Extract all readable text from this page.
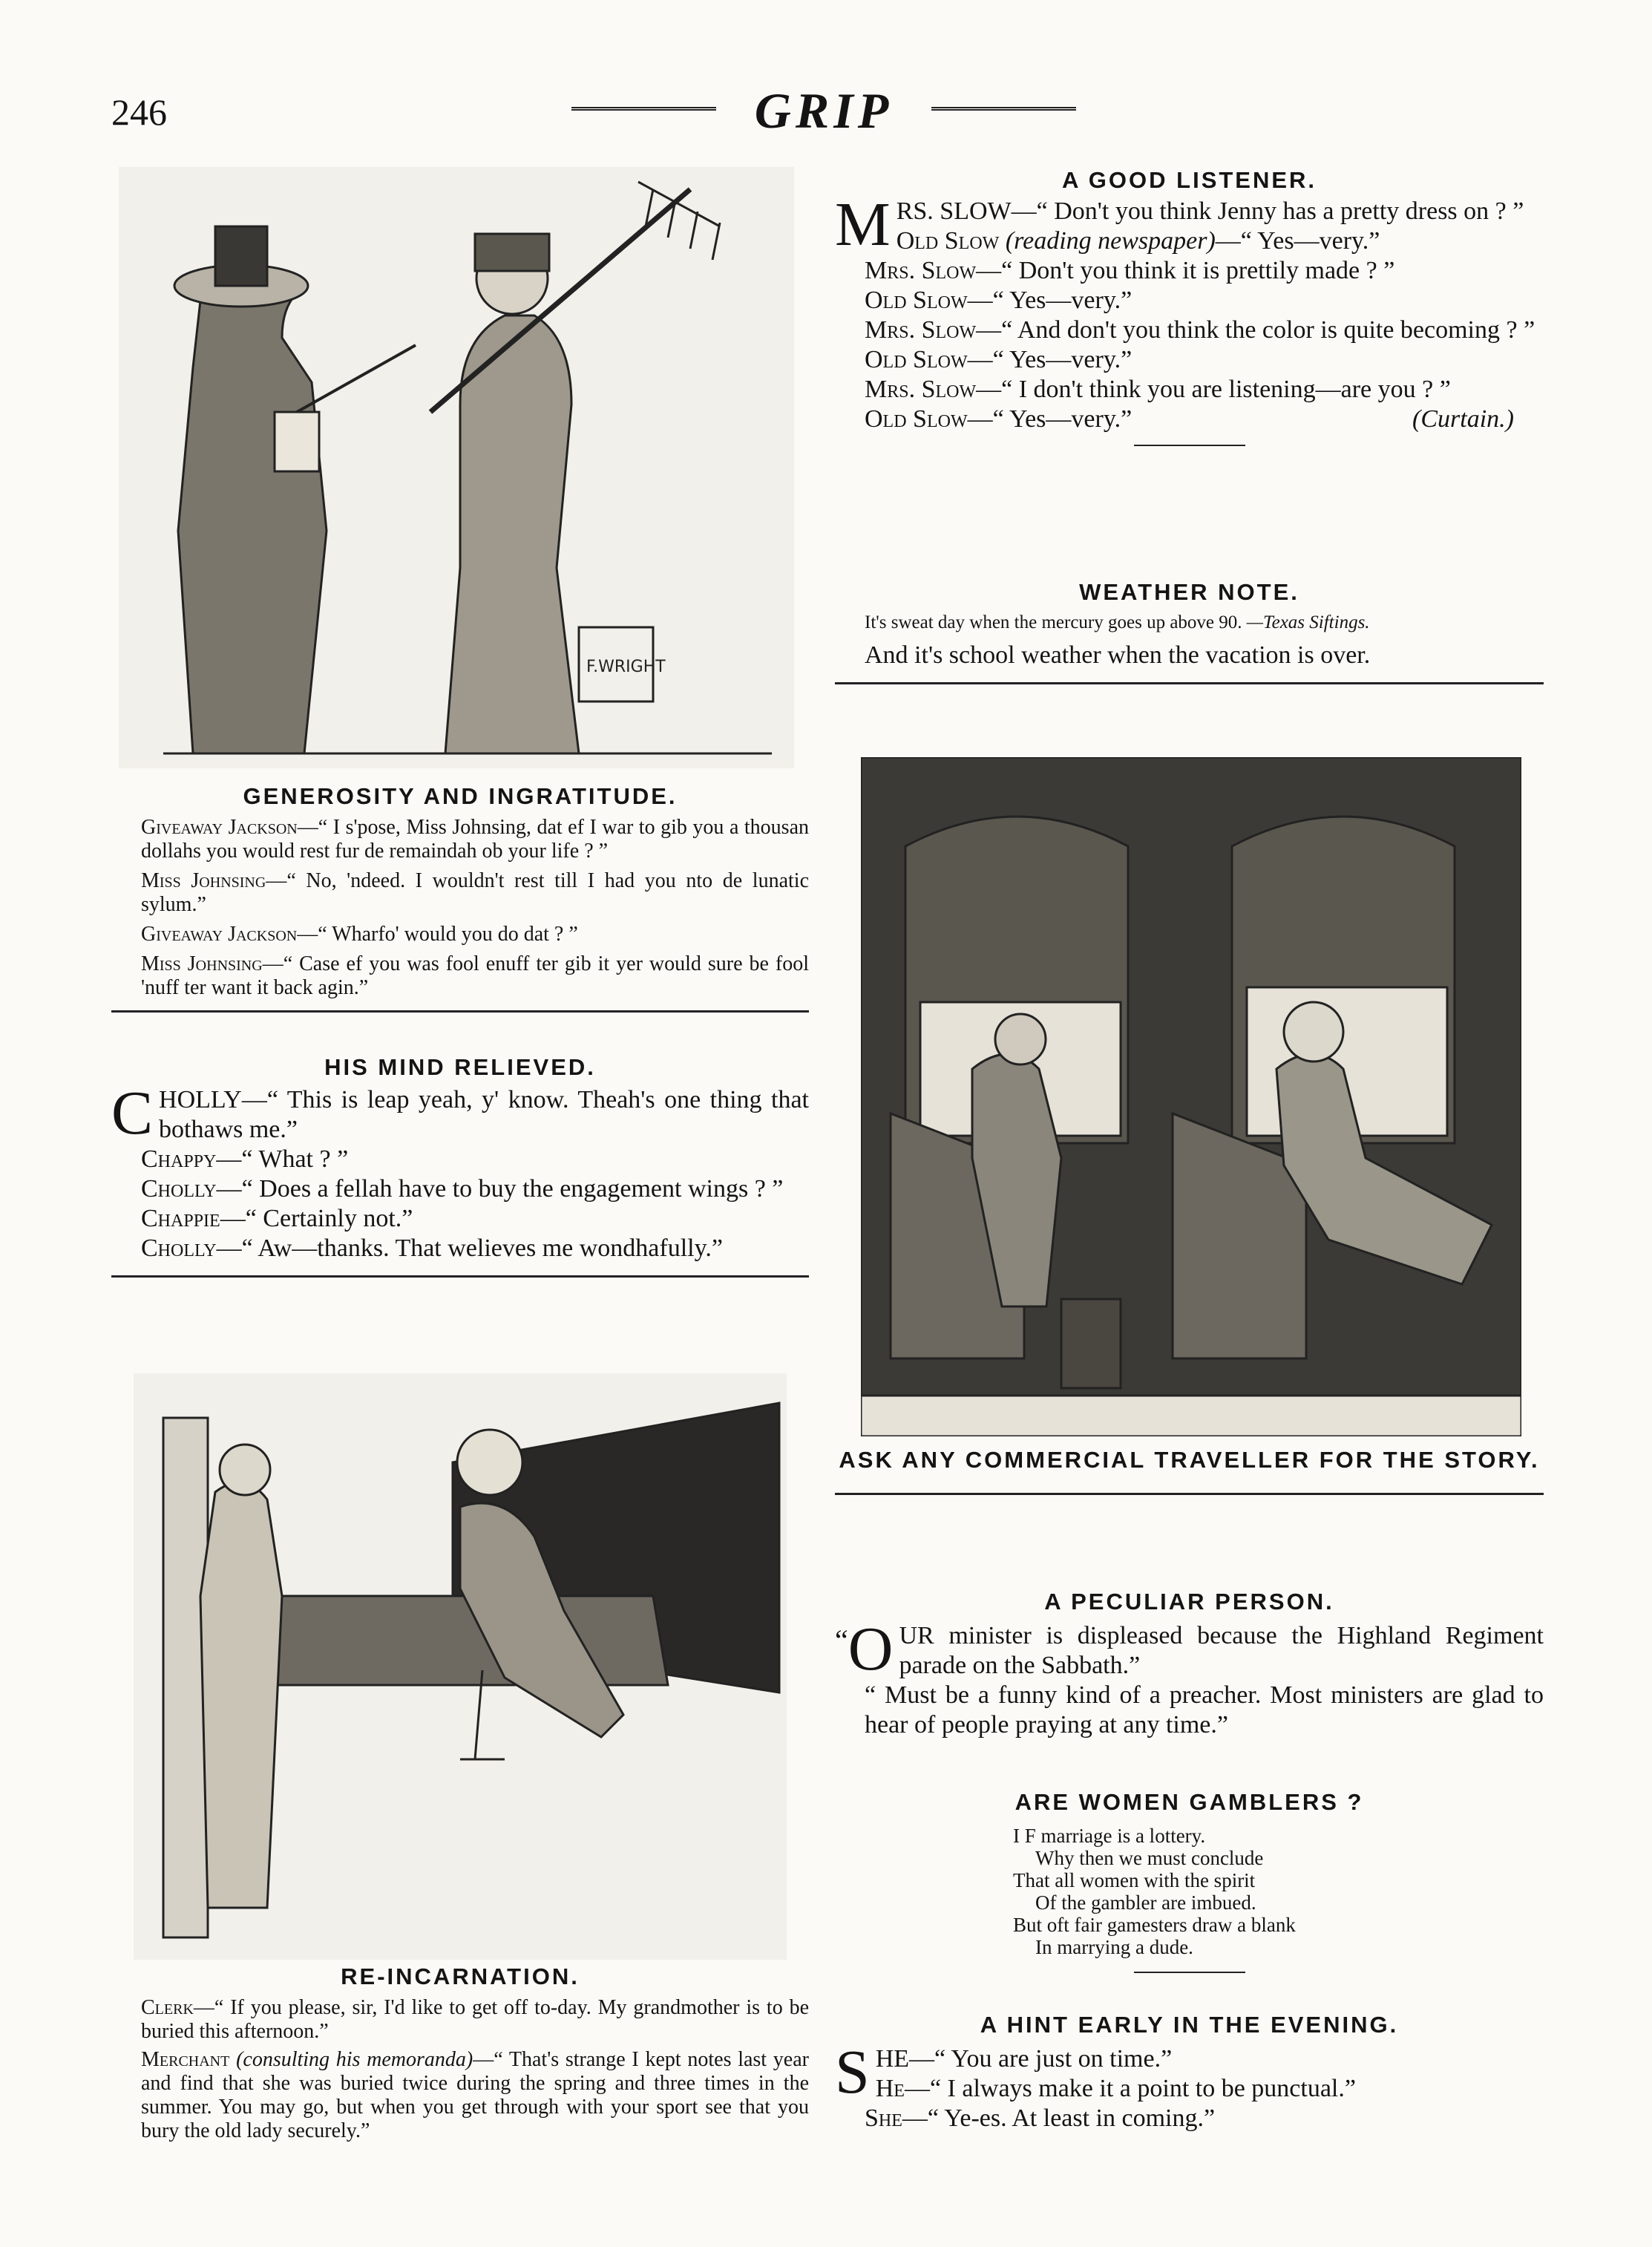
246	GRIP
F.WRIGHT
GENEROSITY AND INGRATITUDE.
Giveaway Jackson—“ I s'pose, Miss Johnsing, dat ef I war to gib you a thousan dollahs you would rest fur de remaindah ob your life ? ”
Miss Johnsing—“ No, 'ndeed. I wouldn't rest till I had you nto de lunatic sylum.”
Giveaway Jackson—“ Wharfo' would you do dat ? ”
Miss Johnsing—“ Case ef you was fool enuff ter gib it yer would sure be fool 'nuff ter want it back agin.”
HIS MIND RELIEVED.
CHOLLY—“ This is leap yeah, y' know. Theah's one thing that bothaws me.”
Chappy—“ What ? ”
Cholly—“ Does a fellah have to buy the engagement wings ? ”
Chappie—“ Certainly not.”
Cholly—“ Aw—thanks. That welieves me wondhafully.”
RE-INCARNATION.
Clerk—“ If you please, sir, I'd like to get off to-day. My grandmother is to be buried this afternoon.”
Merchant (consulting his memoranda)—“ That's strange I kept notes last year and find that she was buried twice during the spring and three times in the summer. You may go, but when you get through with your sport see that you bury the old lady securely.”
A GOOD LISTENER.
MRS. SLOW—“ Don't you think Jenny has a pretty dress on ? ”
Old Slow (reading newspaper)—“ Yes—very.”
Mrs. Slow—“ Don't you think it is prettily made ? ”
Old Slow—“ Yes—very.”
Mrs. Slow—“ And don't you think the color is quite becoming ? ”
Old Slow—“ Yes—very.”
Mrs. Slow—“ I don't think you are listening—are you ? ”
Old Slow—“ Yes—very.”	(Curtain.)
WEATHER NOTE.
It's sweat day when the mercury goes up above 90. —Texas Siftings.
And it's school weather when the vacation is over.
ASK ANY COMMERCIAL TRAVELLER FOR THE STORY.
A PECULIAR PERSON.
“ O UR minister is displeased because the Highland Regiment parade on the Sabbath.”
“ Must be a funny kind of a preacher. Most ministers are glad to hear of people praying at any time.”
ARE WOMEN GAMBLERS ?
I F marriage is a lottery.
Why then we must conclude
That all women with the spirit
Of the gambler are imbued.
But oft fair gamesters draw a blank
In marrying a dude.
A HINT EARLY IN THE EVENING.
SHE—“ You are just on time.”
He—“ I always make it a point to be punctual.”
She—“ Ye-es. At least in coming.”
